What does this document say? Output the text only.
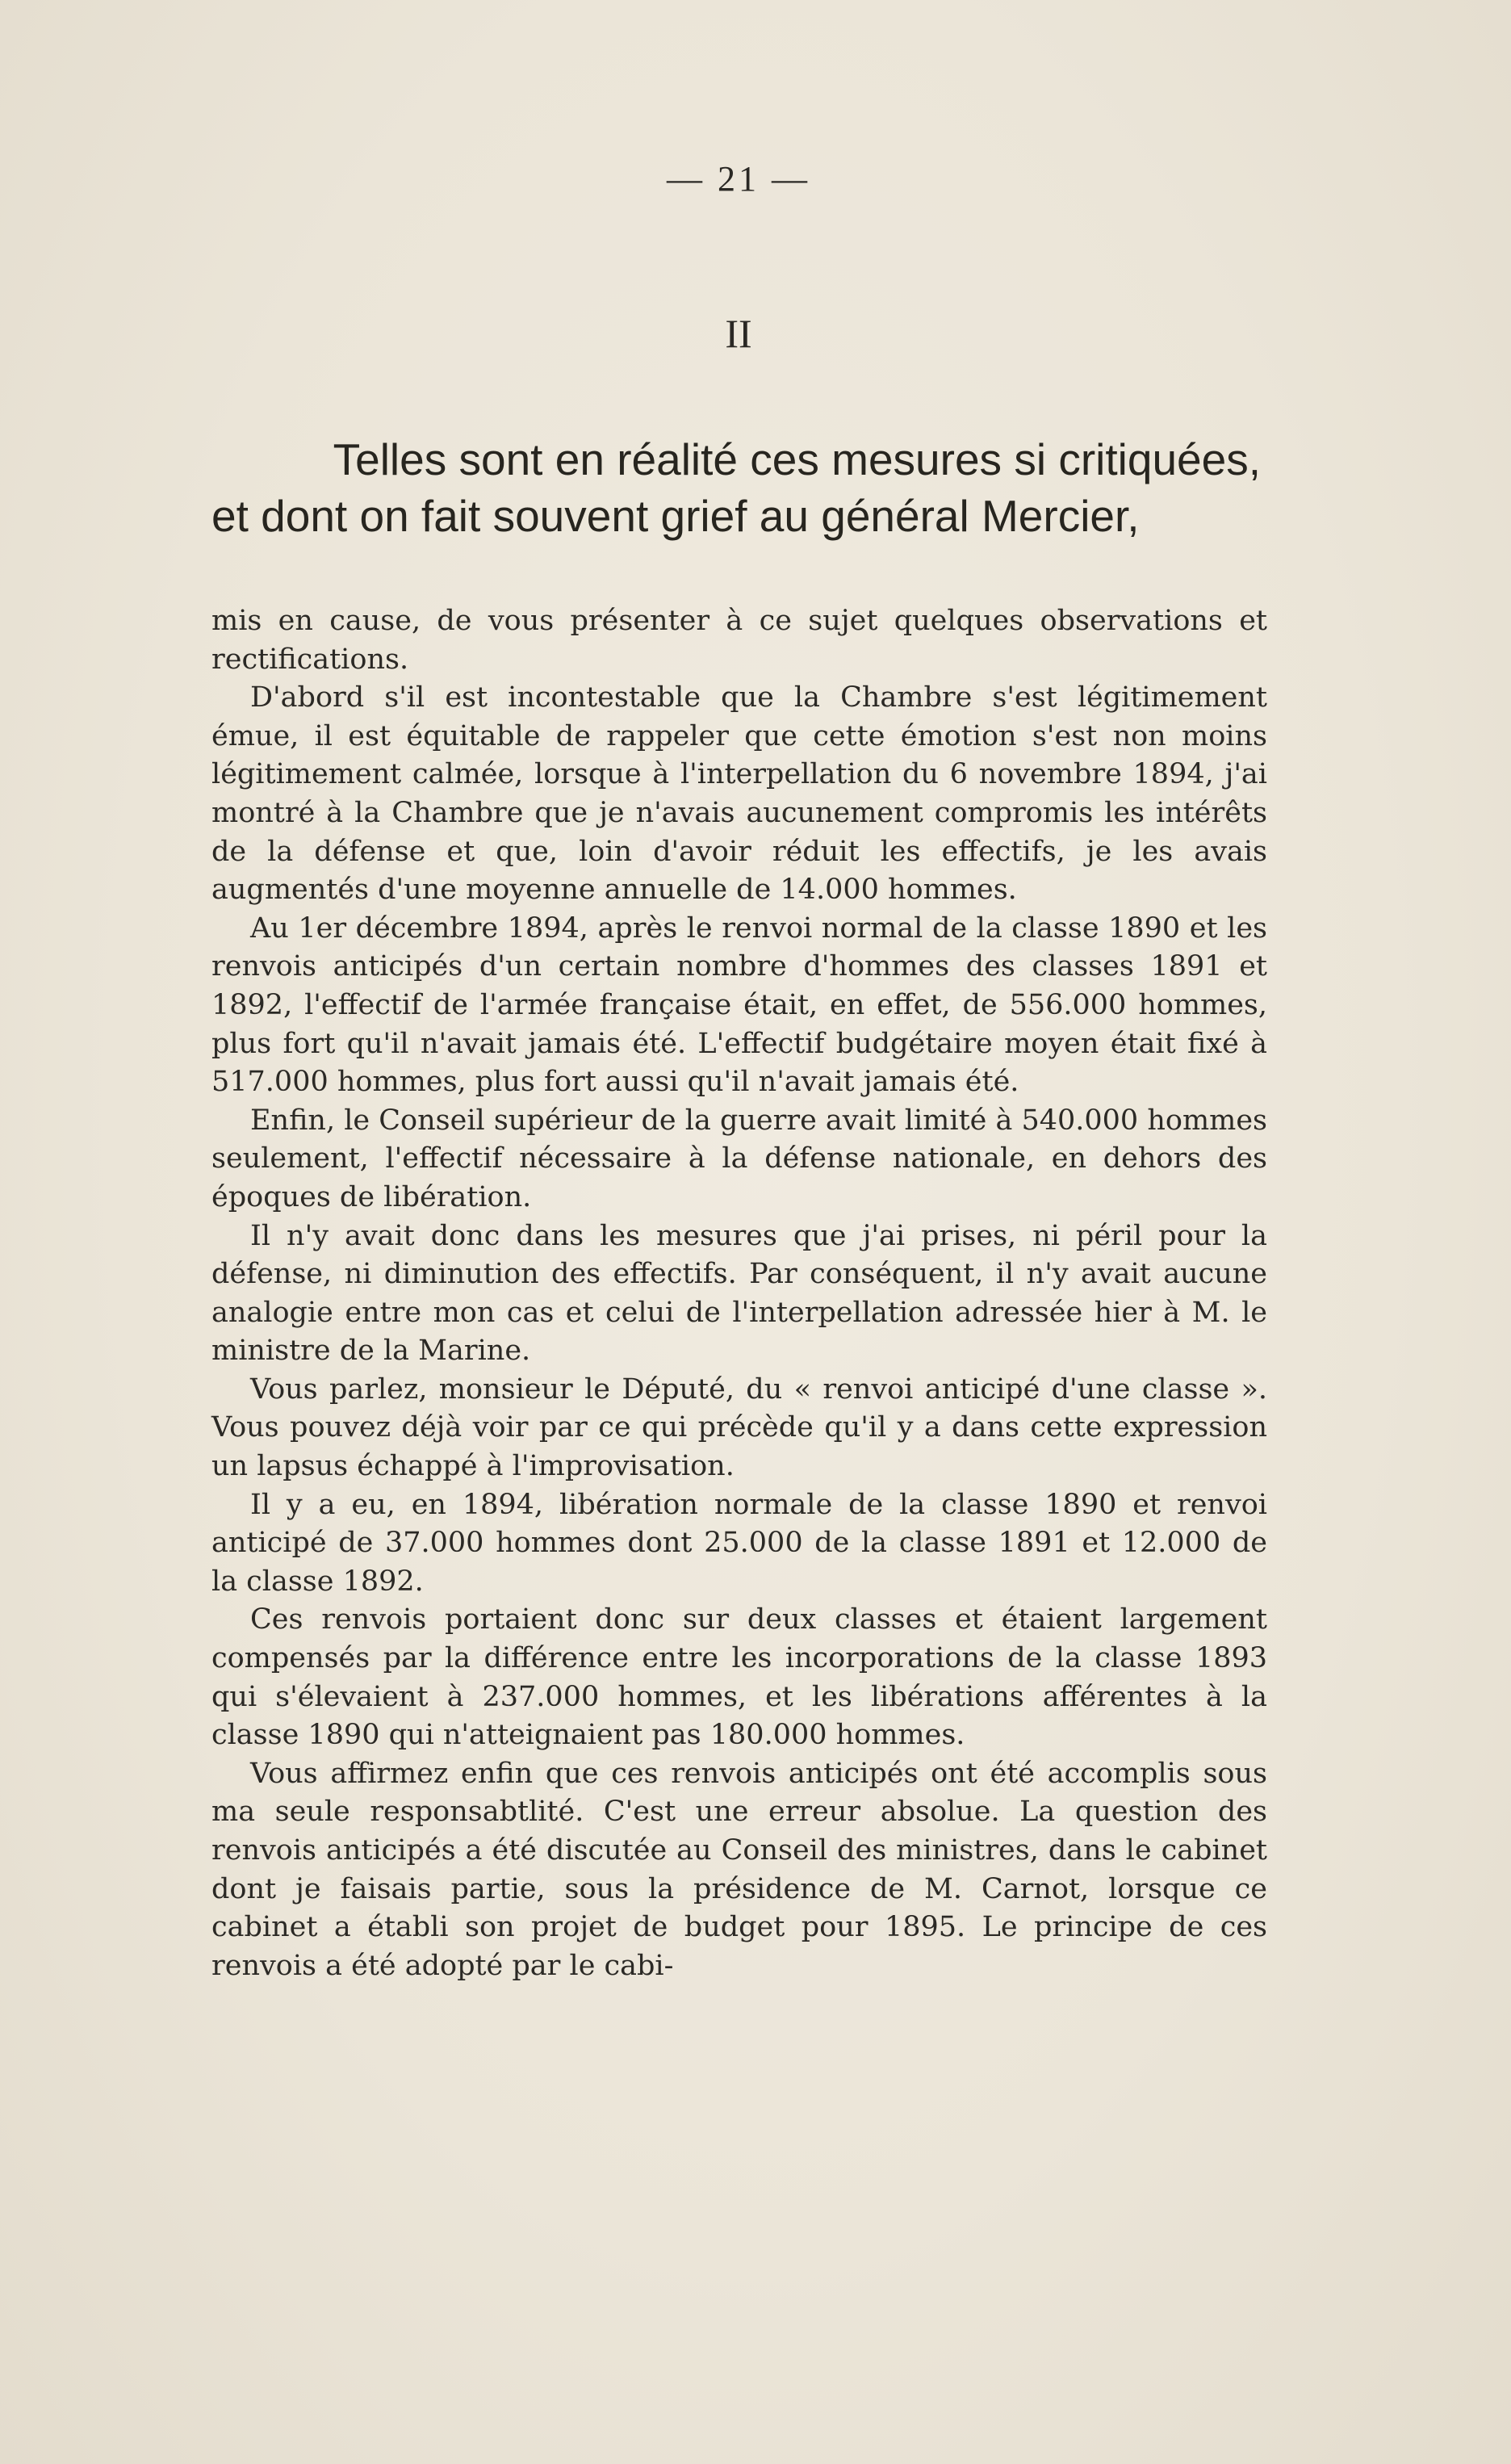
— 21 —
II
Telles sont en réalité ces mesures si critiquées,
et dont on fait souvent grief au général Mercier,

mis en cause, de vous présenter à ce sujet quelques observations et rectifications.

D'abord s'il est incontestable que la Chambre s'est légitimement émue, il est équitable de rappeler que cette émotion s'est non moins légitimement calmée, lorsque à l'interpellation du 6 novembre 1894, j'ai montré à la Chambre que je n'avais aucunement compromis les intérêts de la défense et que, loin d'avoir réduit les effectifs, je les avais augmentés d'une moyenne annuelle de 14.000 hommes.

Au 1er décembre 1894, après le renvoi normal de la classe 1890 et les renvois anticipés d'un certain nombre d'hommes des classes 1891 et 1892, l'effectif de l'armée française était, en effet, de 556.000 hommes, plus fort qu'il n'avait jamais été. L'effectif budgétaire moyen était fixé à 517.000 hommes, plus fort aussi qu'il n'avait jamais été.

Enfin, le Conseil supérieur de la guerre avait limité à 540.000 hommes seulement, l'effectif nécessaire à la défense nationale, en dehors des époques de libération.

Il n'y avait donc dans les mesures que j'ai prises, ni péril pour la défense, ni diminution des effectifs. Par conséquent, il n'y avait aucune analogie entre mon cas et celui de l'interpellation adressée hier à M. le ministre de la Marine.

Vous parlez, monsieur le Député, du « renvoi anticipé d'une classe ». Vous pouvez déjà voir par ce qui précède qu'il y a dans cette expression un lapsus échappé à l'improvisation.

Il y a eu, en 1894, libération normale de la classe 1890 et renvoi anticipé de 37.000 hommes dont 25.000 de la classe 1891 et 12.000 de la classe 1892.

Ces renvois portaient donc sur deux classes et étaient largement compensés par la différence entre les incorporations de la classe 1893 qui s'élevaient à 237.000 hommes, et les libérations afférentes à la classe 1890 qui n'atteignaient pas 180.000 hommes.

Vous affirmez enfin que ces renvois anticipés ont été accomplis sous ma seule responsabtlité. C'est une erreur absolue. La question des renvois anticipés a été discutée au Conseil des ministres, dans le cabinet dont je faisais partie, sous la présidence de M. Carnot, lorsque ce cabinet a établi son projet de budget pour 1895. Le principe de ces renvois a été adopté par le cabi-
